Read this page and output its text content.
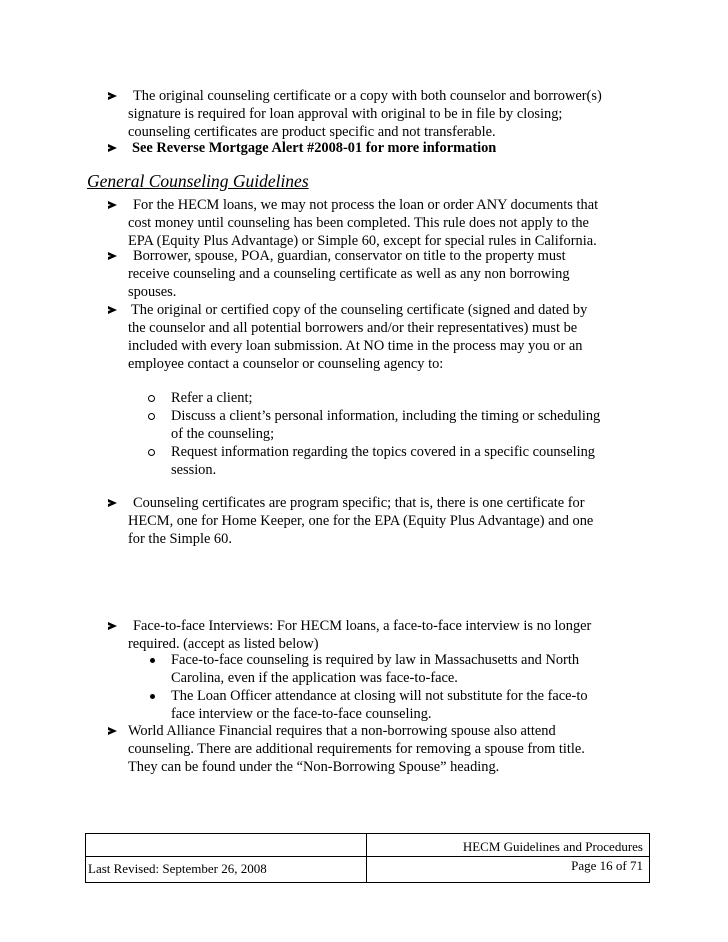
The original counseling certificate or a copy with both counselor and borrower(s)
signature is required for loan approval with original to be in file by closing;
counseling certificates are product specific and not transferable.
See Reverse Mortgage Alert #2008-01 for more information
General Counseling Guidelines
For the HECM loans, we may not process the loan or order ANY documents that
cost money until counseling has been completed. This rule does not apply to the
EPA (Equity Plus Advantage) or Simple 60, except for special rules in California.
Borrower, spouse, POA, guardian, conservator on title to the property must
receive counseling and a counseling certificate as well as any non borrowing
spouses.
The original or certified copy of the counseling certificate (signed and dated by
the counselor and all potential borrowers and/or their representatives) must be
included with every loan submission. At NO time in the process may you or an
employee contact a counselor or counseling agency to:
Refer a client;
Discuss a client’s personal information, including the timing or scheduling
of the counseling;
Request information regarding the topics covered in a specific counseling
session.
Counseling certificates are program specific; that is, there is one certificate for
HECM, one for Home Keeper, one for the EPA (Equity Plus Advantage) and one
for the Simple 60.
Face-to-face Interviews: For HECM loans, a face-to-face interview is no longer
required. (accept as listed below)
Face-to-face counseling is required by law in Massachusetts and North
Carolina, even if the application was face-to-face.
The Loan Officer attendance at closing will not substitute for the face-to
face interview or the face-to-face counseling.
World Alliance Financial requires that a non-borrowing spouse also attend
counseling. There are additional requirements for removing a spouse from title.
They can be found under the “Non-Borrowing Spouse” heading.
HECM Guidelines and Procedures
Last Revised: September 26, 2008	Page 16 of 71
